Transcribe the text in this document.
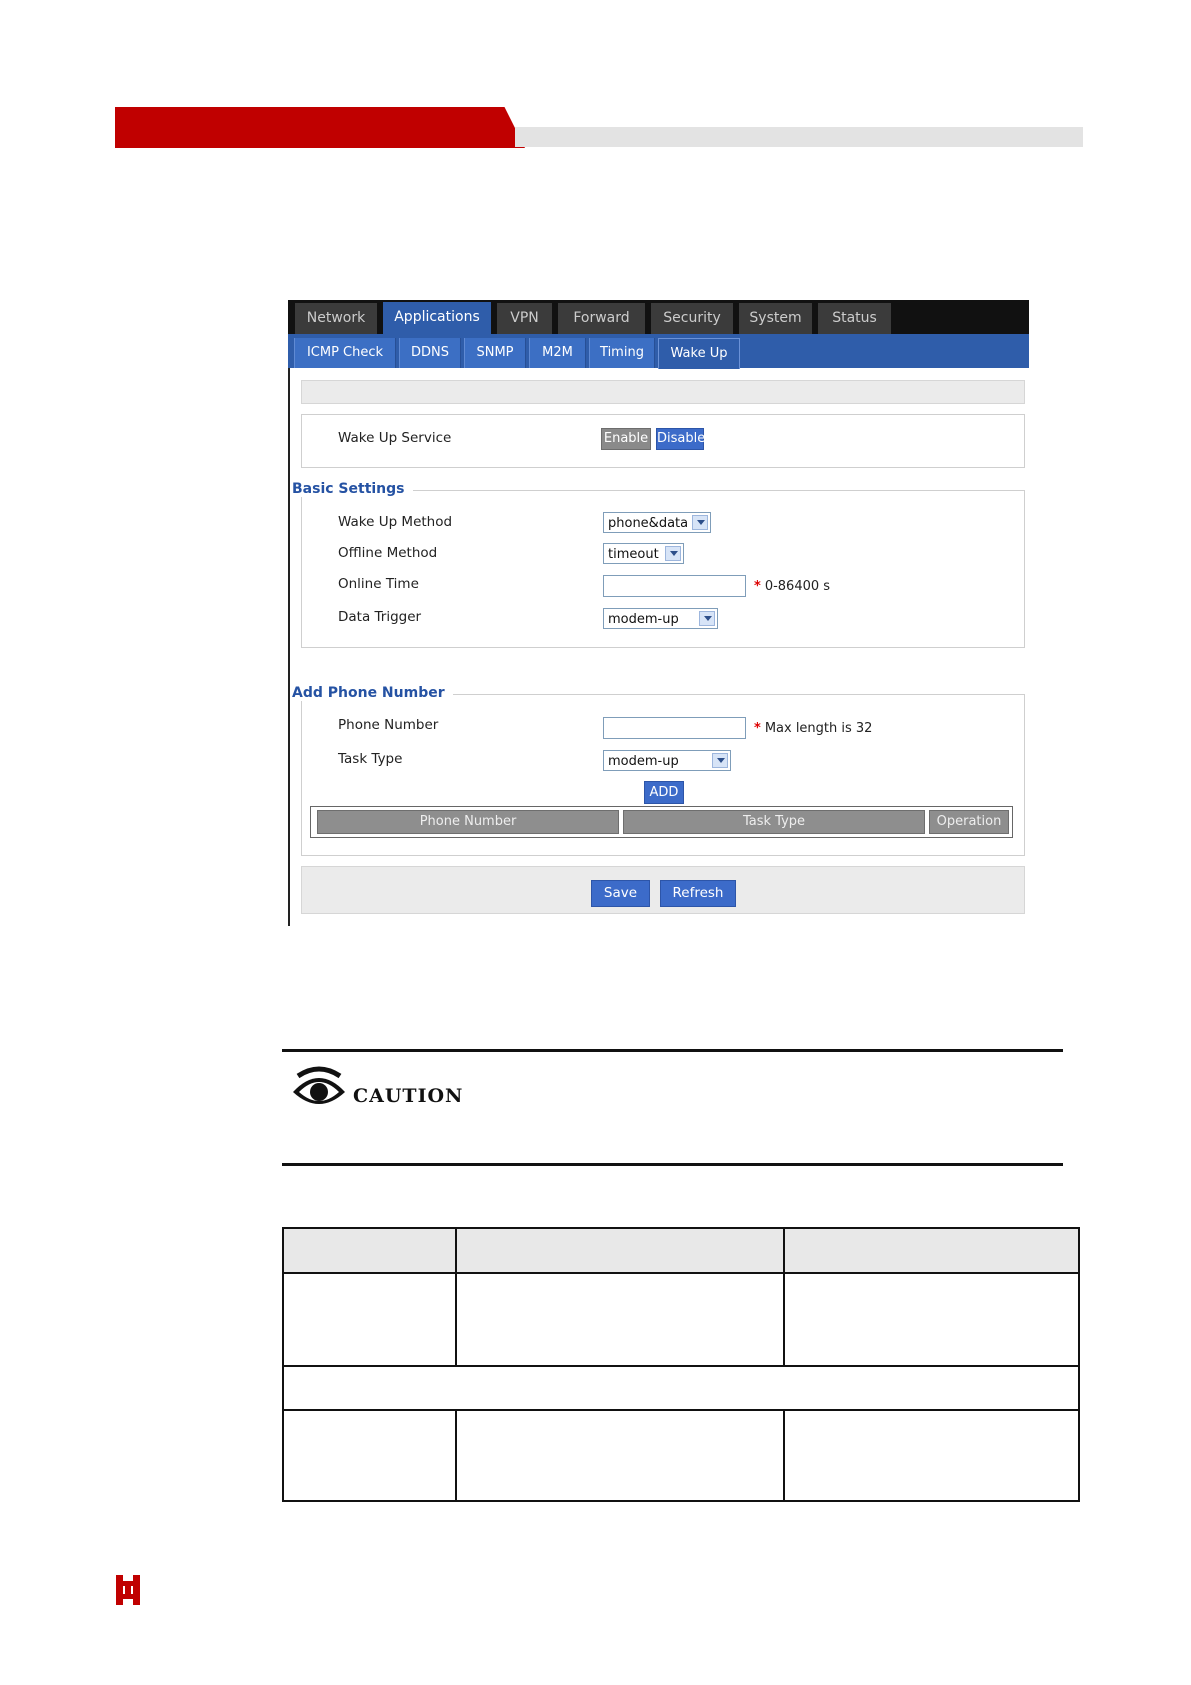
Network	Applications	VPN	Forward	Security	System	Status
ICMP Check	DDNS	SNMP	M2M	Timing	Wake Up
Wake Up Service	Enable Disable
Basic Settings
Wake Up Method	phone&data
Offline Method	timeout
Online Time	* 0-86400 s
Data Trigger	modem-up
Add Phone Number
Phone Number	* Max length is 32
Task Type	modem-up
ADD
Phone Number	Task Type	Operation
Save	Refresh
CAUTION
